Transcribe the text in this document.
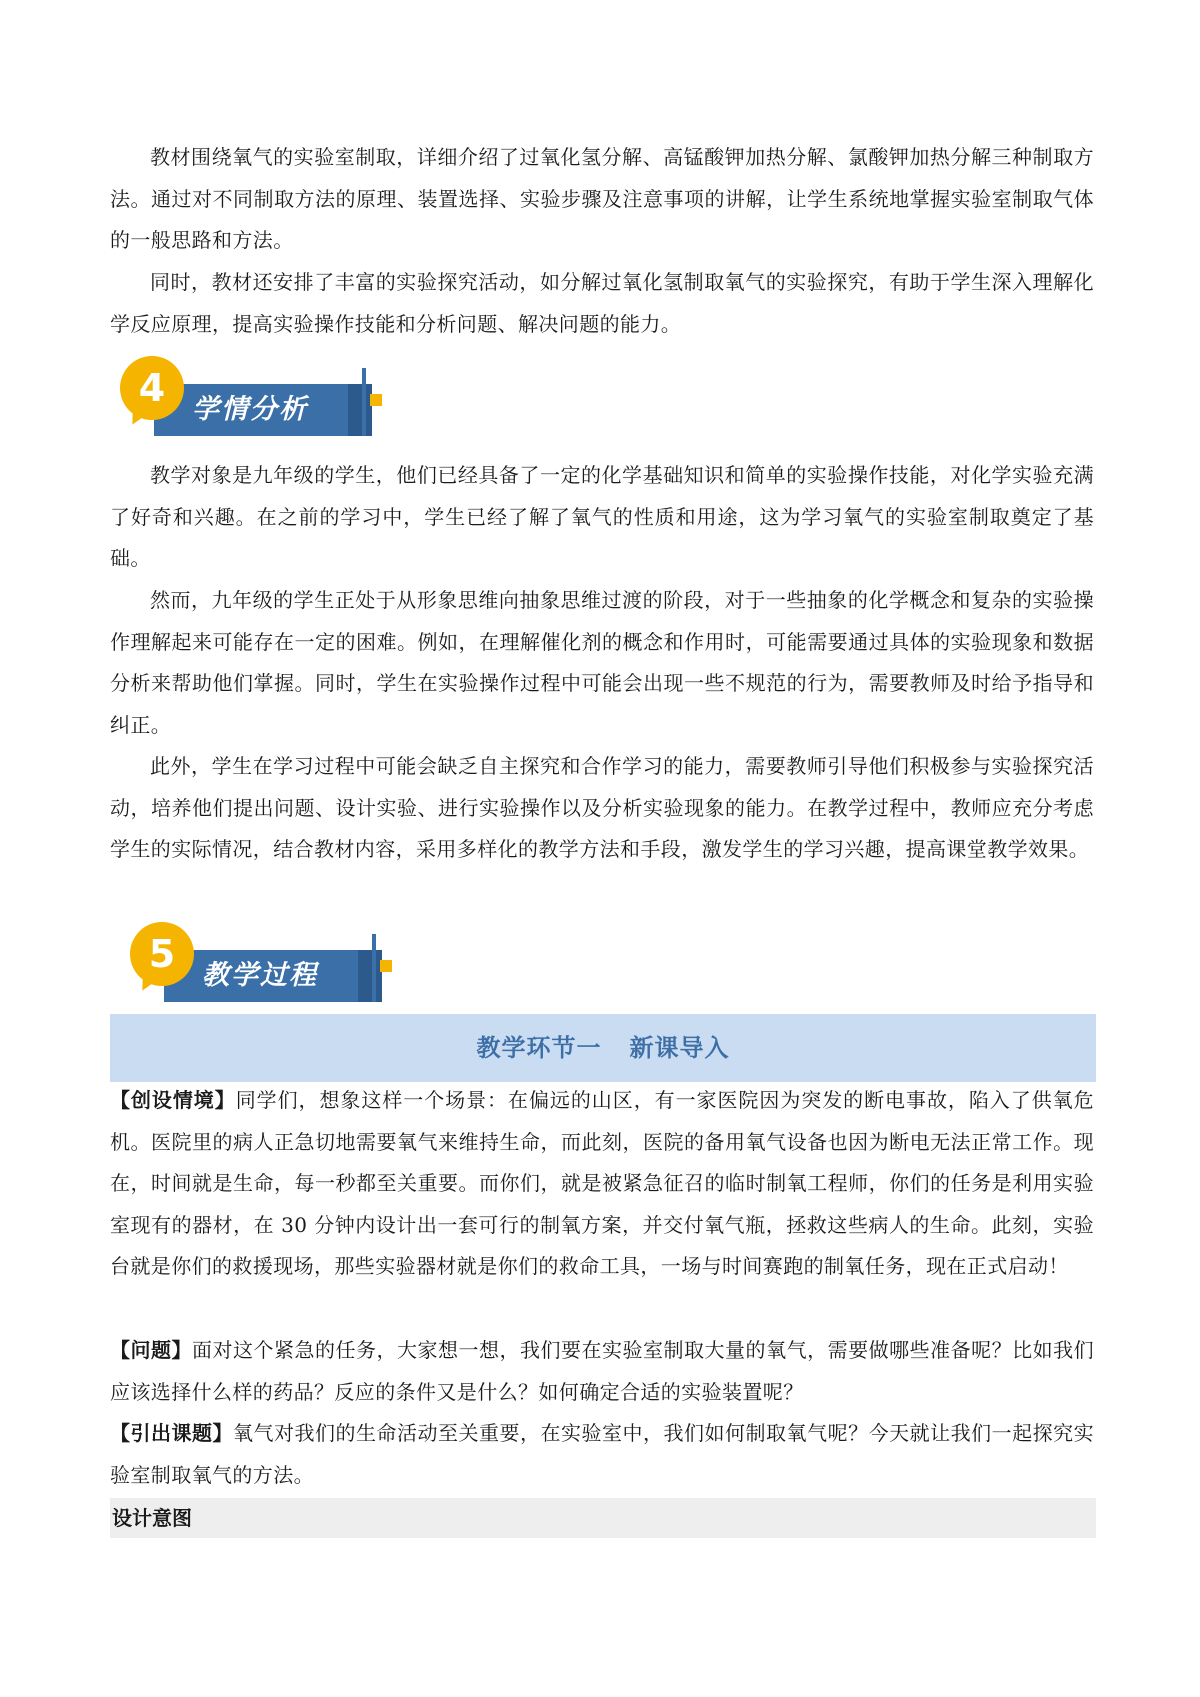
教材围绕氧气的实验室制取，详细介绍了过氧化氢分解、高锰酸钾加热分解、氯酸钾加热分解三种制取方法。通过对不同制取方法的原理、装置选择、实验步骤及注意事项的讲解，让学生系统地掌握实验室制取气体的一般思路和方法。

同时，教材还安排了丰富的实验探究活动，如分解过氧化氢制取氧气的实验探究，有助于学生深入理解化学反应原理，提高实验操作技能和分析问题、解决问题的能力。

4 学情分析

教学对象是九年级的学生，他们已经具备了一定的化学基础知识和简单的实验操作技能，对化学实验充满了好奇和兴趣。在之前的学习中，学生已经了解了氧气的性质和用途，这为学习氧气的实验室制取奠定了基础。

然而，九年级的学生正处于从形象思维向抽象思维过渡的阶段，对于一些抽象的化学概念和复杂的实验操作理解起来可能存在一定的困难。例如，在理解催化剂的概念和作用时，可能需要通过具体的实验现象和数据分析来帮助他们掌握。同时，学生在实验操作过程中可能会出现一些不规范的行为，需要教师及时给予指导和纠正。

此外，学生在学习过程中可能会缺乏自主探究和合作学习的能力，需要教师引导他们积极参与实验探究活动，培养他们提出问题、设计实验、进行实验操作以及分析实验现象的能力。在教学过程中，教师应充分考虑学生的实际情况，结合教材内容，采用多样化的教学方法和手段，激发学生的学习兴趣，提高课堂教学效果。

5 教学过程
教学环节一   新课导入

【创设情境】同学们，想象这样一个场景：在偏远的山区，有一家医院因为突发的断电事故，陷入了供氧危机。医院里的病人正急切地需要氧气来维持生命，而此刻，医院的备用氧气设备也因为断电无法正常工作。现在，时间就是生命，每一秒都至关重要。而你们，就是被紧急征召的临时制氧工程师，你们的任务是利用实验室现有的器材，在 30 分钟内设计出一套可行的制氧方案，并交付氧气瓶，拯救这些病人的生命。此刻，实验台就是你们的救援现场，那些实验器材就是你们的救命工具，一场与时间赛跑的制氧任务，现在正式启动！

【问题】面对这个紧急的任务，大家想一想，我们要在实验室制取大量的氧气，需要做哪些准备呢？比如我们应该选择什么样的药品？反应的条件又是什么？如何确定合适的实验装置呢？

【引出课题】氧气对我们的生命活动至关重要，在实验室中，我们如何制取氧气呢？今天就让我们一起探究实验室制取氧气的方法。

设计意图
